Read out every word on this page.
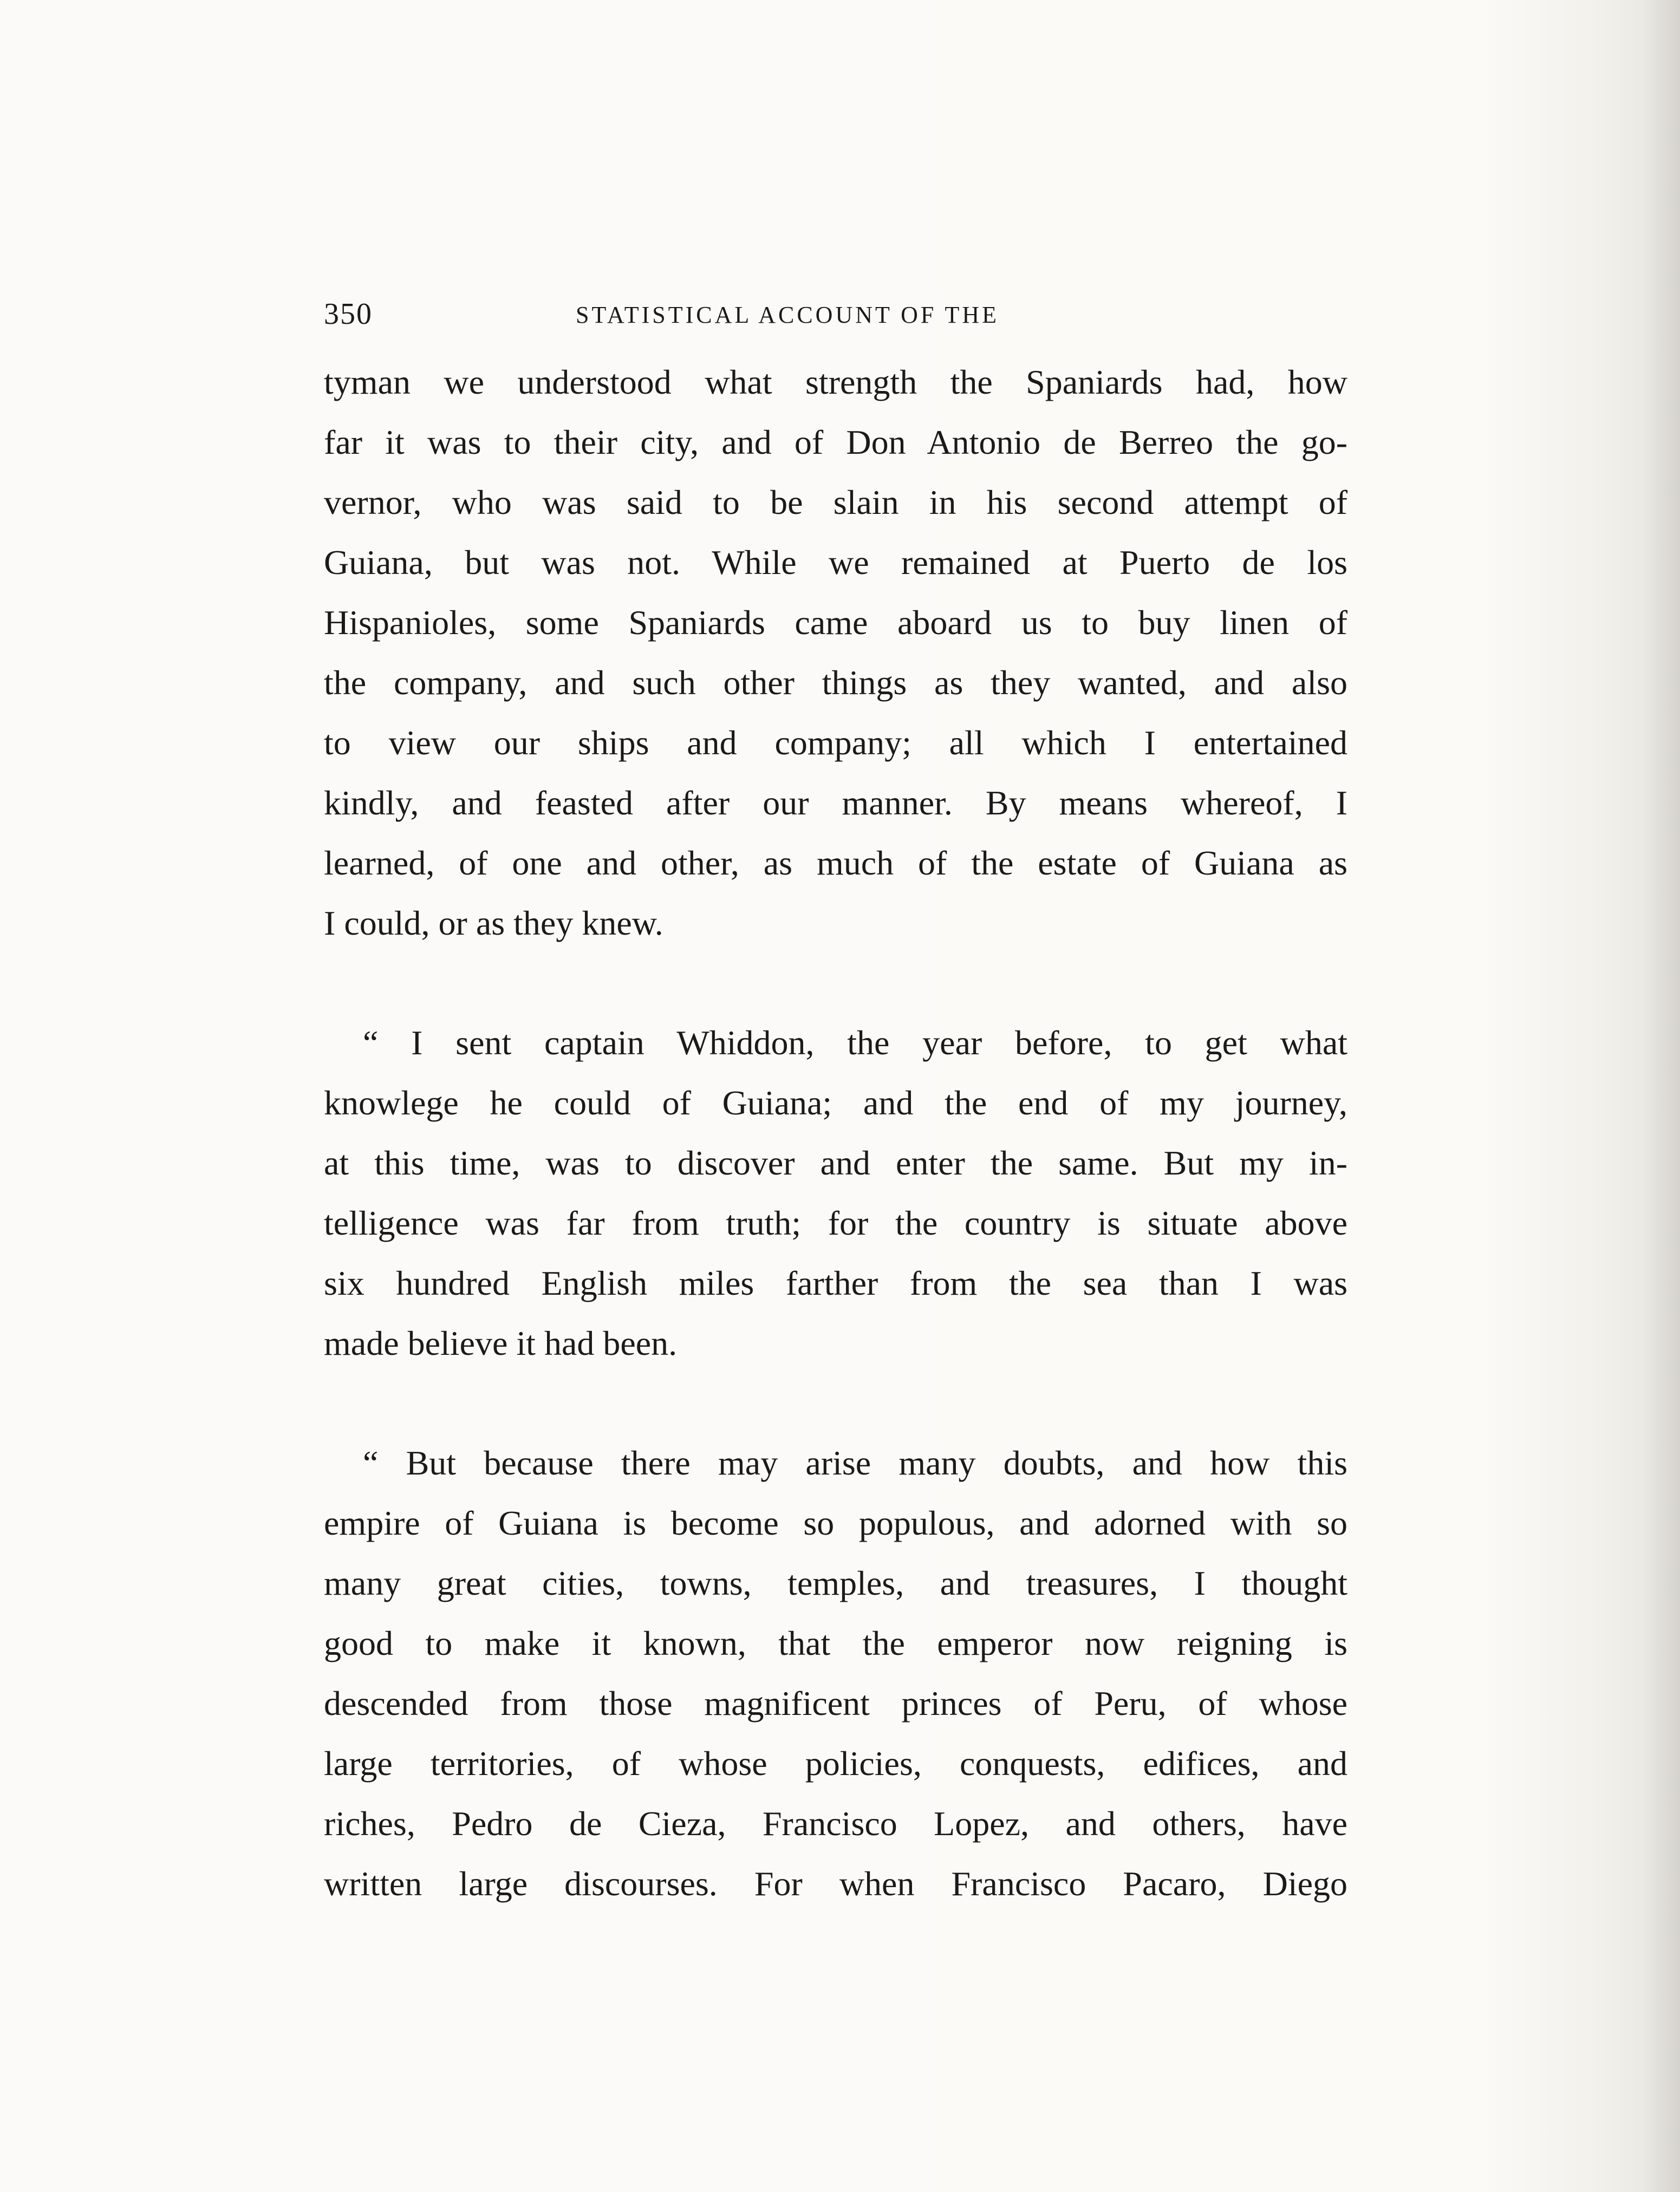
350	STATISTICAL ACCOUNT OF THE
tyman we understood what strength the Spaniards had, how
far it was to their city, and of Don Antonio de Berreo the go-
vernor, who was said to be slain in his second attempt of
Guiana, but was not. While we remained at Puerto de los
Hispanioles, some Spaniards came aboard us to buy linen of
the company, and such other things as they wanted, and also
to view our ships and company; all which I entertained
kindly, and feasted after our manner. By means whereof, I
learned, of one and other, as much of the estate of Guiana as
I could, or as they knew.
“ I sent captain Whiddon, the year before, to get what
knowlege he could of Guiana; and the end of my journey,
at this time, was to discover and enter the same. But my in-
telligence was far from truth; for the country is situate above
six hundred English miles farther from the sea than I was
made believe it had been.
“ But because there may arise many doubts, and how this
empire of Guiana is become so populous, and adorned with so
many great cities, towns, temples, and treasures, I thought
good to make it known, that the emperor now reigning is
descended from those magnificent princes of Peru, of whose
large territories, of whose policies, conquests, edifices, and
riches, Pedro de Cieza, Francisco Lopez, and others, have
written large discourses. For when Francisco Pacaro, Diego
